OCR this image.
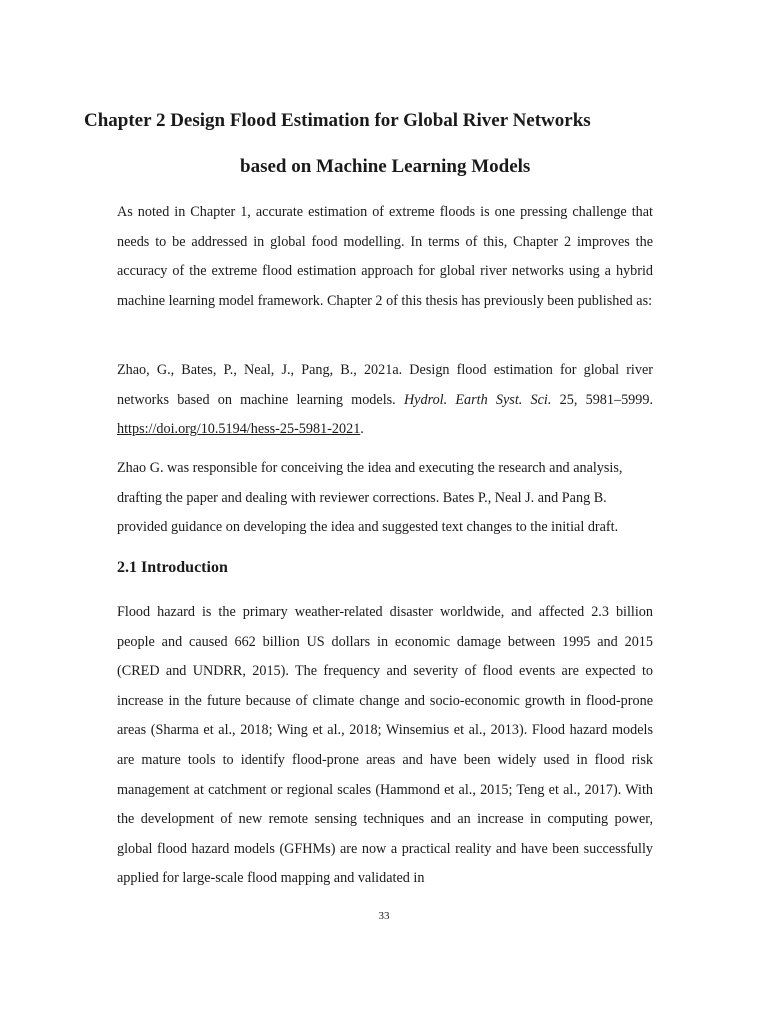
Chapter 2 Design Flood Estimation for Global River Networks
based on Machine Learning Models

As noted in Chapter 1, accurate estimation of extreme floods is one pressing challenge that needs to be addressed in global food modelling. In terms of this, Chapter 2 improves the accuracy of the extreme flood estimation approach for global river networks using a hybrid machine learning model framework. Chapter 2 of this thesis has previously been published as:

Zhao, G., Bates, P., Neal, J., Pang, B., 2021a. Design flood estimation for global river networks based on machine learning models. Hydrol. Earth Syst. Sci. 25, 5981–5999. https://doi.org/10.5194/hess-25-5981-2021.

Zhao G. was responsible for conceiving the idea and executing the research and analysis, drafting the paper and dealing with reviewer corrections. Bates P., Neal J. and Pang B. provided guidance on developing the idea and suggested text changes to the initial draft.

2.1 Introduction

Flood hazard is the primary weather-related disaster worldwide, and affected 2.3 billion people and caused 662 billion US dollars in economic damage between 1995 and 2015 (CRED and UNDRR, 2015). The frequency and severity of flood events are expected to increase in the future because of climate change and socio-economic growth in flood-prone areas (Sharma et al., 2018; Wing et al., 2018; Winsemius et al., 2013). Flood hazard models are mature tools to identify flood-prone areas and have been widely used in flood risk management at catchment or regional scales (Hammond et al., 2015; Teng et al., 2017). With the development of new remote sensing techniques and an increase in computing power, global flood hazard models (GFHMs) are now a practical reality and have been successfully applied for large-scale flood mapping and validated in

33
